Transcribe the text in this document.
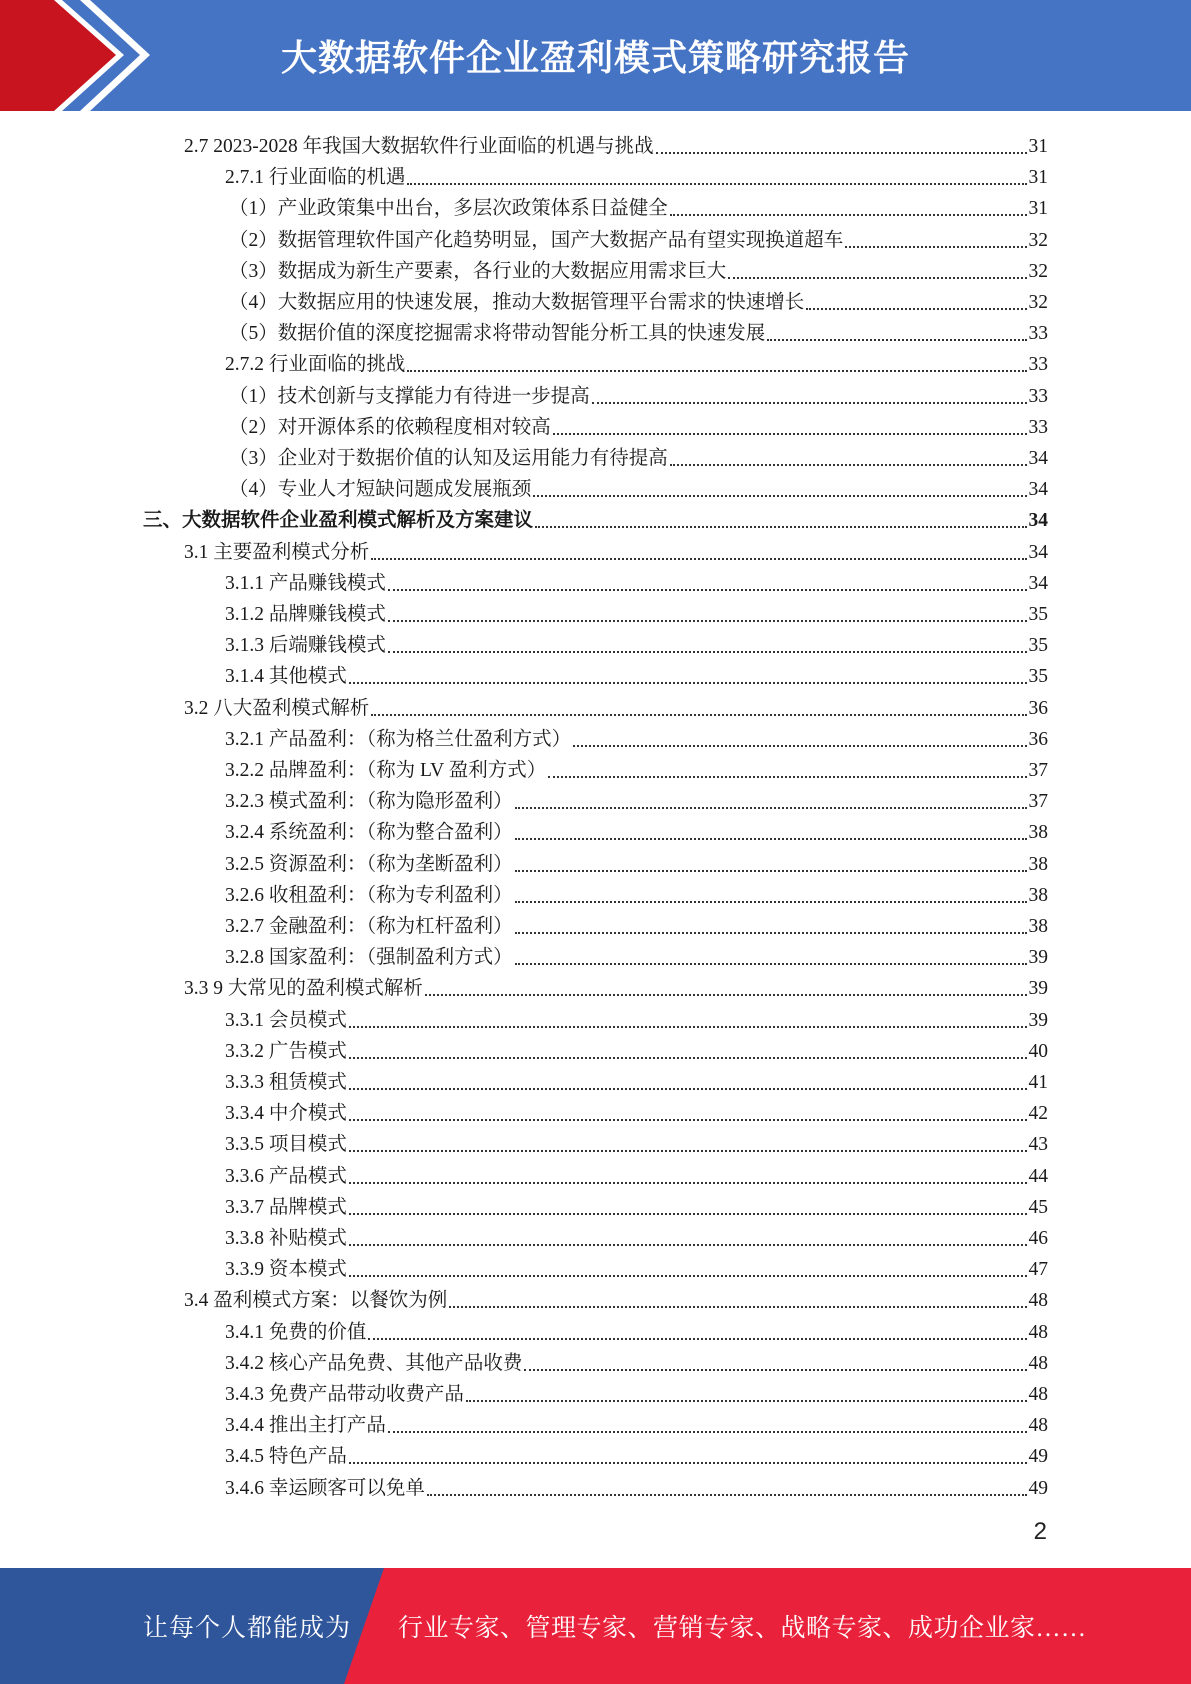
大数据软件企业盈利模式策略研究报告
2.7 2023-2028 年我国大数据软件行业面临的机遇与挑战	31
2.7.1 行业面临的机遇	31
（1）产业政策集中出台，多层次政策体系日益健全	31
（2）数据管理软件国产化趋势明显，国产大数据产品有望实现换道超车	32
（3）数据成为新生产要素，各行业的大数据应用需求巨大	32
（4）大数据应用的快速发展，推动大数据管理平台需求的快速增长	32
（5）数据价值的深度挖掘需求将带动智能分析工具的快速发展	33
2.7.2 行业面临的挑战	33
（1）技术创新与支撑能力有待进一步提高	33
（2）对开源体系的依赖程度相对较高	33
（3）企业对于数据价值的认知及运用能力有待提高	34
（4）专业人才短缺问题成发展瓶颈	34
三、大数据软件企业盈利模式解析及方案建议	34
3.1 主要盈利模式分析	34
3.1.1 产品赚钱模式	34
3.1.2 品牌赚钱模式	35
3.1.3 后端赚钱模式	35
3.1.4 其他模式	35
3.2 八大盈利模式解析	36
3.2.1 产品盈利：（称为格兰仕盈利方式）	36
3.2.2 品牌盈利：（称为 LV 盈利方式）	37
3.2.3 模式盈利：（称为隐形盈利）	37
3.2.4 系统盈利：（称为整合盈利）	38
3.2.5 资源盈利：（称为垄断盈利）	38
3.2.6 收租盈利：（称为专利盈利）	38
3.2.7 金融盈利：（称为杠杆盈利）	38
3.2.8 国家盈利：（强制盈利方式）	39
3.3 9 大常见的盈利模式解析	39
3.3.1 会员模式	39
3.3.2 广告模式	40
3.3.3 租赁模式	41
3.3.4 中介模式	42
3.3.5 项目模式	43
3.3.6 产品模式	44
3.3.7 品牌模式	45
3.3.8 补贴模式	46
3.3.9 资本模式	47
3.4 盈利模式方案：以餐饮为例	48
3.4.1 免费的价值	48
3.4.2 核心产品免费、其他产品收费	48
3.4.3 免费产品带动收费产品	48
3.4.4 推出主打产品	48
3.4.5 特色产品	49
3.4.6 幸运顾客可以免单	49
2
让每个人都能成为 行业专家、管理专家、营销专家、战略专家、成功企业家……
